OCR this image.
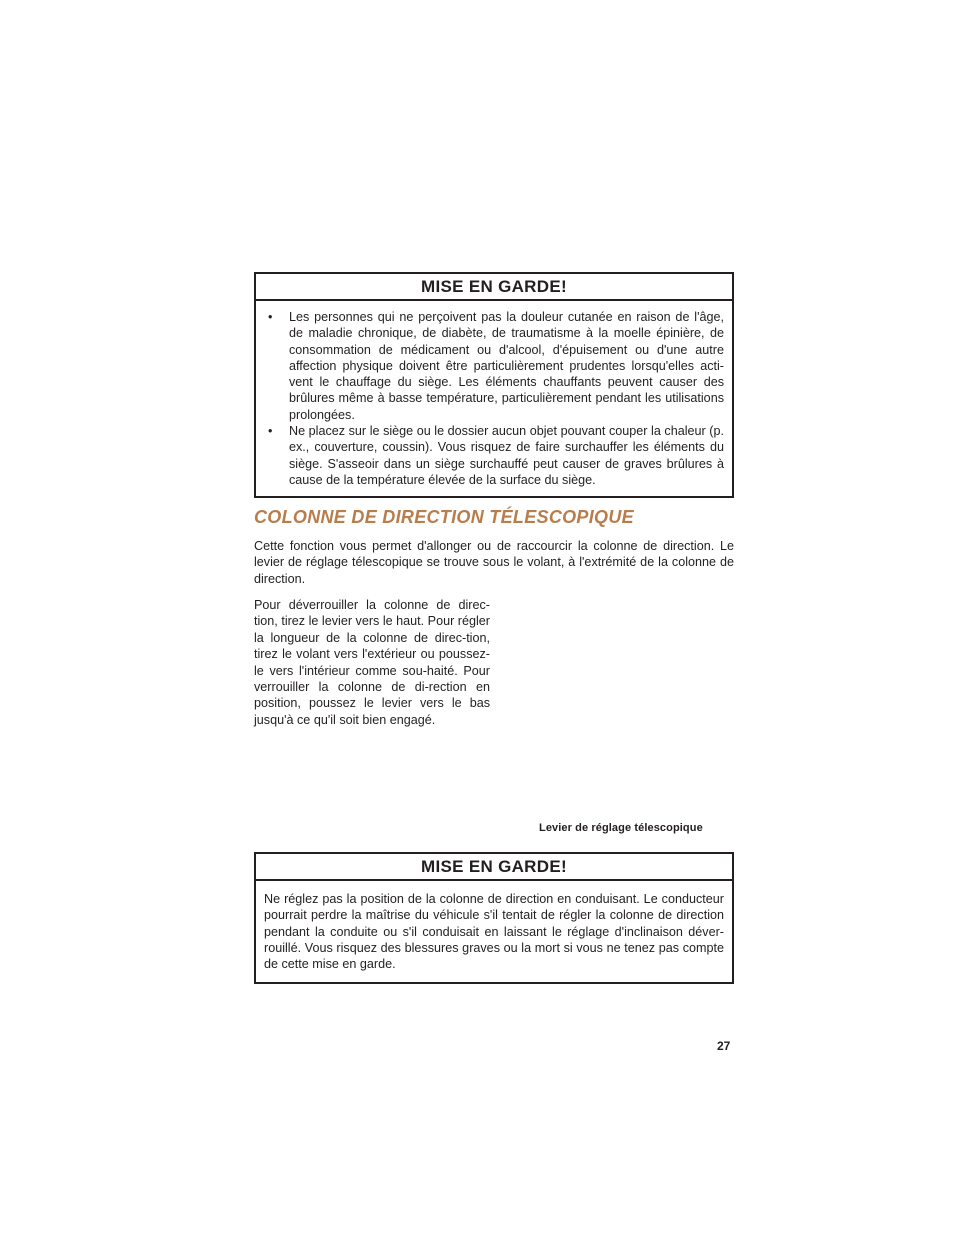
MISE EN GARDE!
• Les personnes qui ne perçoivent pas la douleur cutanée en raison de l'âge, de maladie chronique, de diabète, de traumatisme à la moelle épinière, de consommation de médicament ou d'alcool, d'épuisement ou d'une autre affection physique doivent être particulièrement prudentes lorsqu'elles acti-vent le chauffage du siège. Les éléments chauffants peuvent causer des brûlures même à basse température, particulièrement pendant les utilisations prolongées.
• Ne placez sur le siège ou le dossier aucun objet pouvant couper la chaleur (p. ex., couverture, coussin). Vous risquez de faire surchauffer les éléments du siège. S'asseoir dans un siège surchauffé peut causer de graves brûlures à cause de la température élevée de la surface du siège.
COLONNE DE DIRECTION TÉLESCOPIQUE
Cette fonction vous permet d'allonger ou de raccourcir la colonne de direction. Le levier de réglage télescopique se trouve sous le volant, à l'extrémité de la colonne de direction.
Pour déverrouiller la colonne de direc-tion, tirez le levier vers le haut. Pour régler la longueur de la colonne de direc-tion, tirez le volant vers l'extérieur ou poussez-le vers l'intérieur comme sou-haité. Pour verrouiller la colonne de di-rection en position, poussez le levier vers le bas jusqu'à ce qu'il soit bien engagé.
Levier de réglage télescopique
MISE EN GARDE!
Ne réglez pas la position de la colonne de direction en conduisant. Le conducteur pourrait perdre la maîtrise du véhicule s'il tentait de régler la colonne de direction pendant la conduite ou s'il conduisait en laissant le réglage d'inclinaison déver-rouillé. Vous risquez des blessures graves ou la mort si vous ne tenez pas compte de cette mise en garde.
27
